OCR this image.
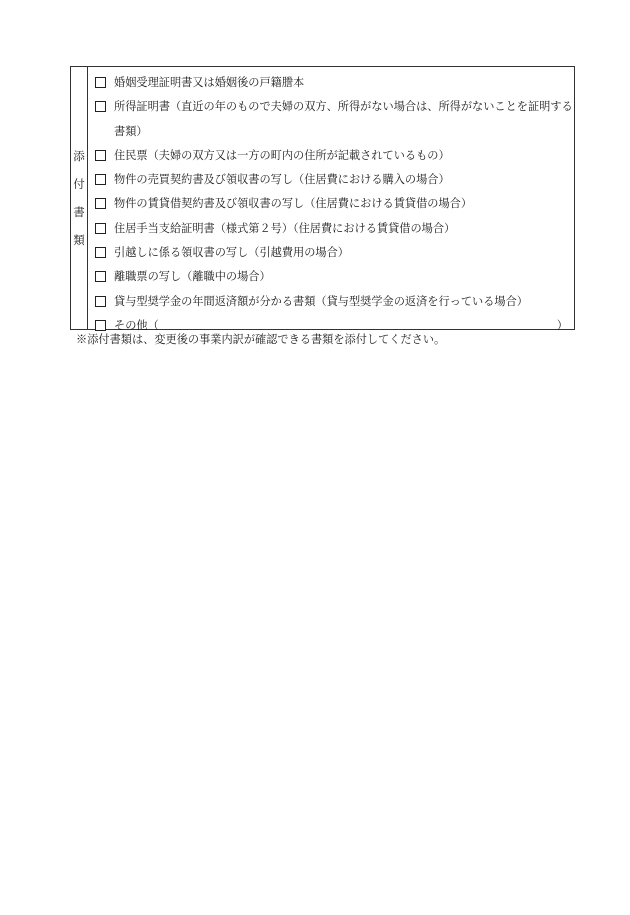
添
付
書
類
婚姻受理証明書又は婚姻後の戸籍謄本
所得証明書（直近の年のもので夫婦の双方、所得がない場合は、所得がないことを証明する書類）
住民票（夫婦の双方又は一方の町内の住所が記載されているもの）
物件の売買契約書及び領収書の写し（住居費における購入の場合）
物件の賃貸借契約書及び領収書の写し（住居費における賃貸借の場合）
住居手当支給証明書（様式第２号）（住居費における賃貸借の場合）
引越しに係る領収書の写し（引越費用の場合）
離職票の写し（離職中の場合）
貸与型奨学金の年間返済額が分かる書類（貸与型奨学金の返済を行っている場合）
その他（	）
※添付書類は、変更後の事業内訳が確認できる書類を添付してください。
